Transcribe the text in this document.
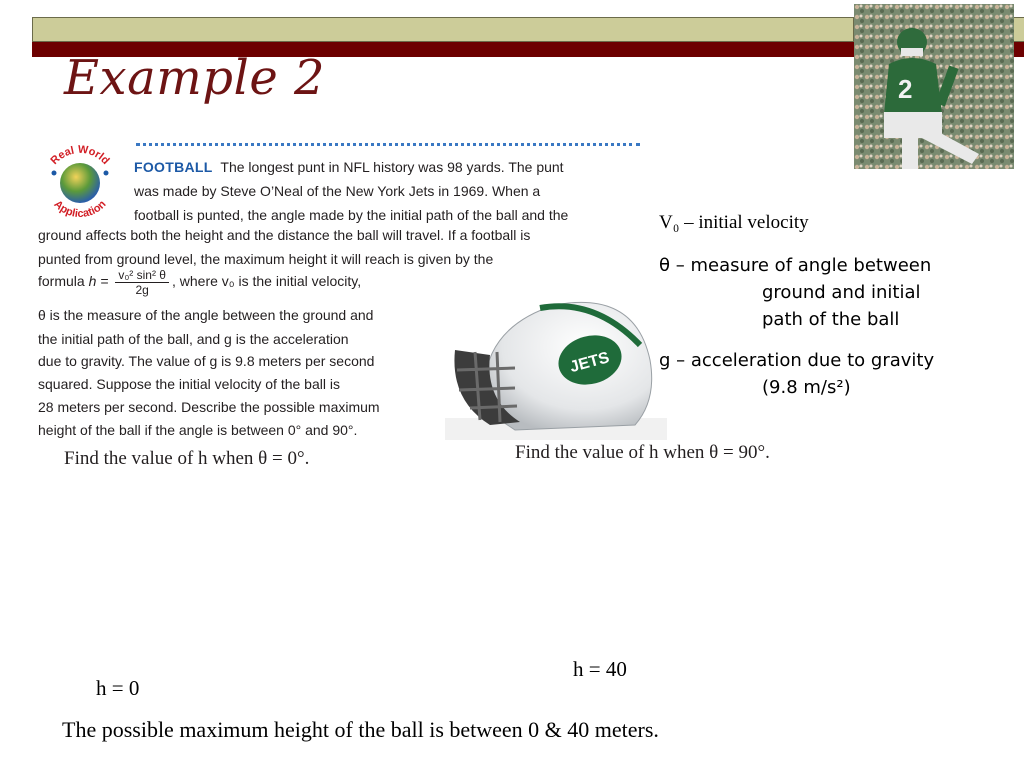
2
Example 2
Real World
Application
FOOTBALL The longest punt in NFL history was 98 yards. The punt
was made by Steve O’Neal of the New York Jets in 1969. When a
football is punted, the angle made by the initial path of the ball and the
ground affects both the height and the distance the ball will travel. If a football is
punted from ground level, the maximum height it will reach is given by the
formula $h = \frac{\text{v₀² sin² θ}}{2g}$ , where v₀ is the initial velocity,
θ is the measure of the angle between the ground and
the initial path of the ball, and g is the acceleration
due to gravity. The value of g is 9.8 meters per second
squared. Suppose the initial velocity of the ball is
28 meters per second. Describe the possible maximum
height of the ball if the angle is between 0° and 90°.
Find the value of h when θ = 0°.
JETS
Find the value of h when θ = 90°.
V₀ – initial velocity
θ – measure of angle between
ground and initial
path of the ball
g – acceleration due to gravity
(9.8 m/s²)
h = 40
h = 0
The possible maximum height of the ball is between 0 & 40 meters.
